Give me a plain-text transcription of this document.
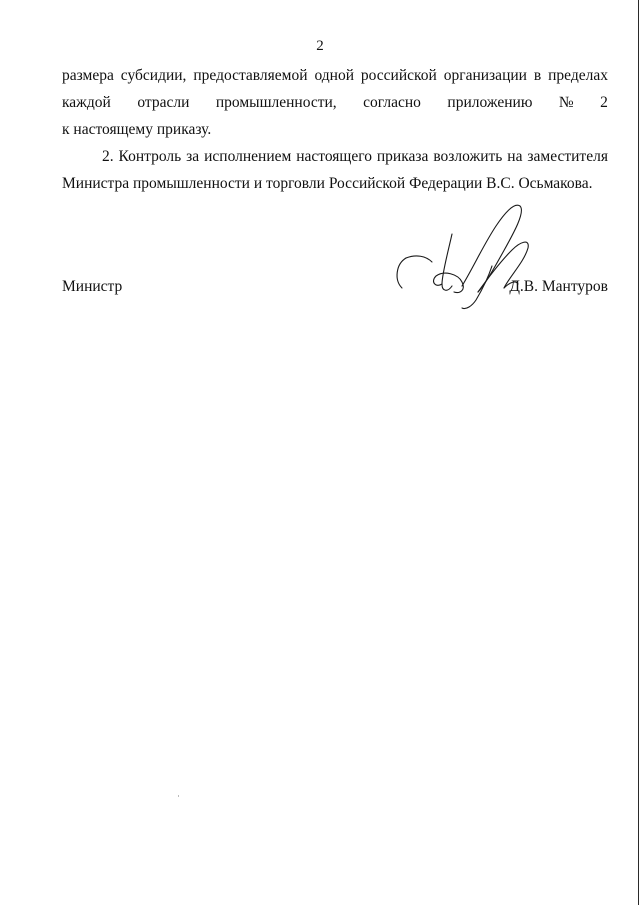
2
размера субсидии, предоставляемой одной российской организации в пределах
каждой отрасли промышленности, согласно приложению № 2
к настоящему приказу.
2. Контроль за исполнением настоящего приказа возложить на заместителя
Министра промышленности и торговли Российской Федерации В.С. Осьмакова.
Министр	Д.В. Мантуров
